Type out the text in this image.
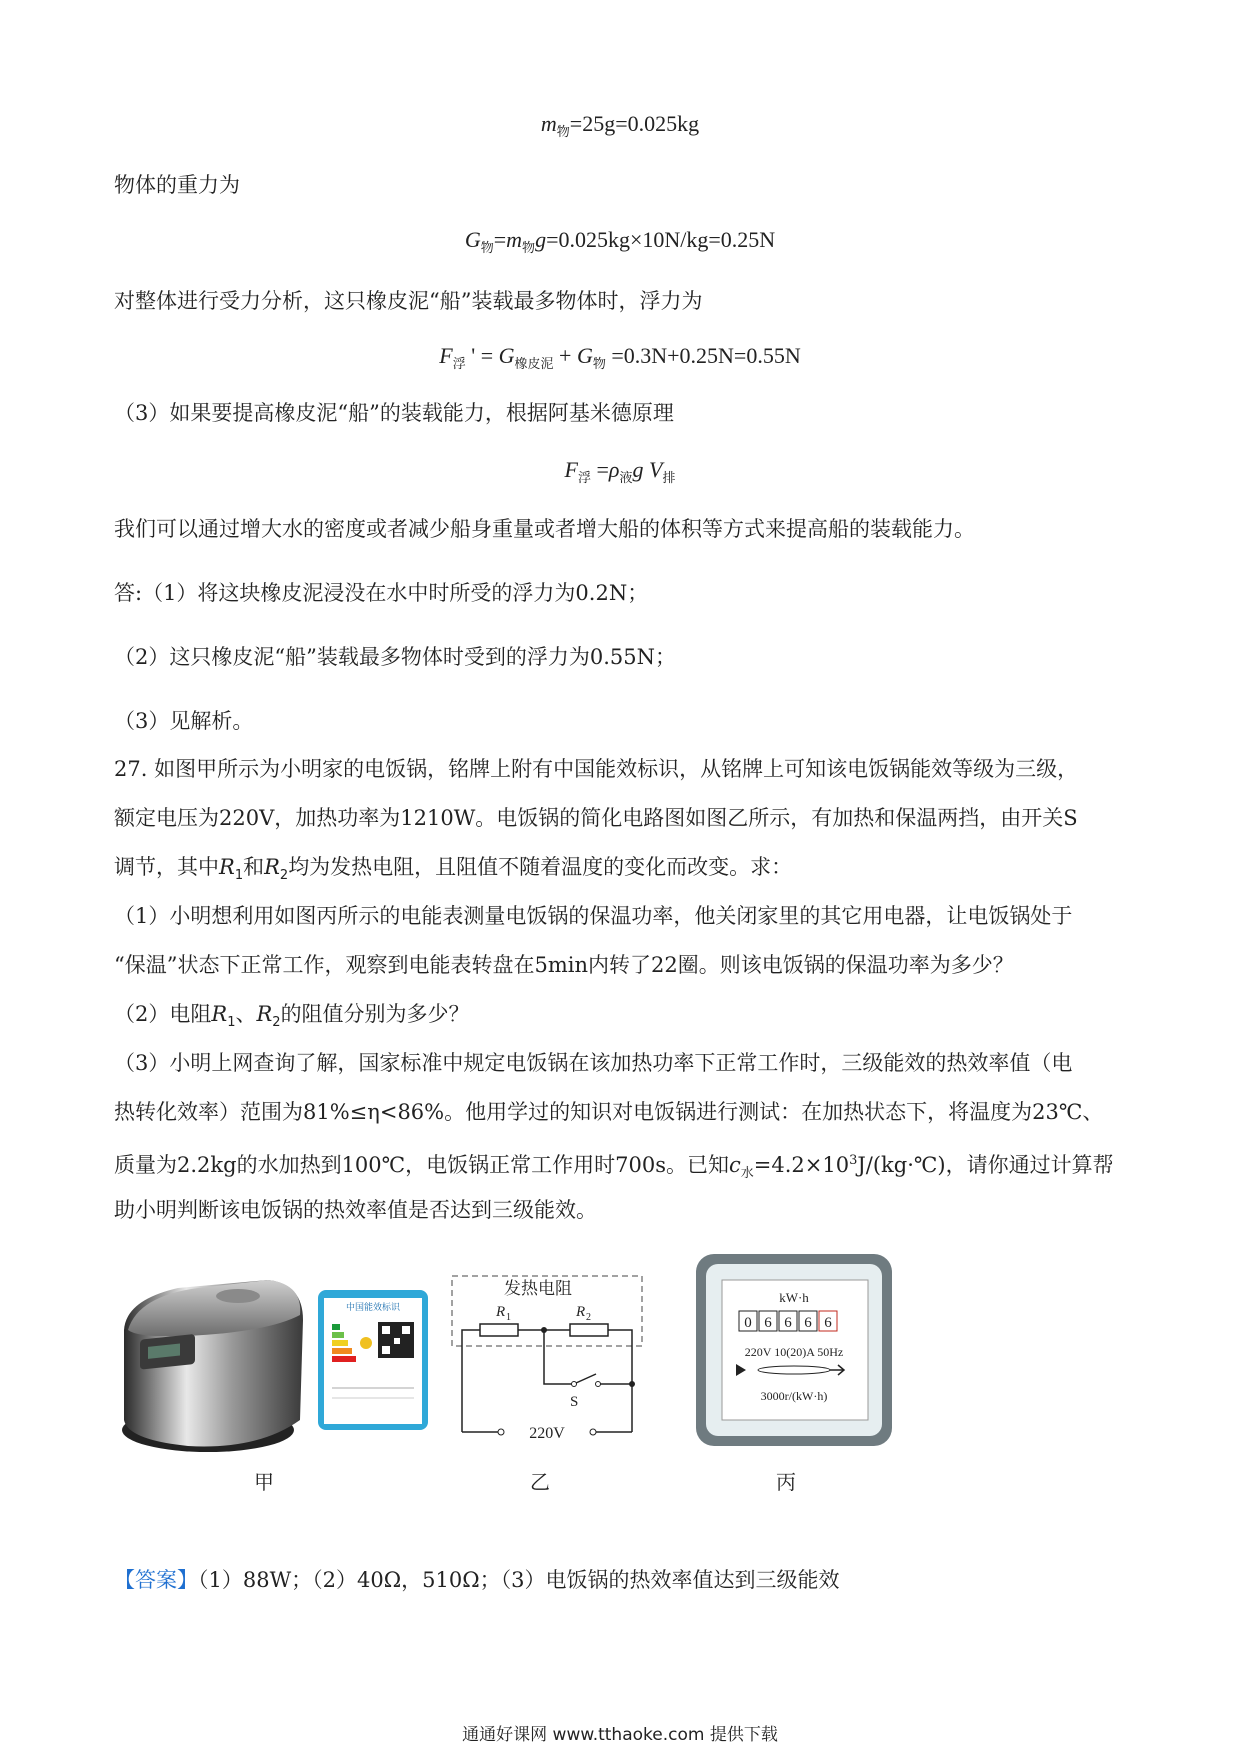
$m_物=25g=0.025kg$
物体的重力为
$G_物=m_物g=0.025kg\times 10N/kg=0.25N$
对整体进行受力分析，这只橡皮泥“船”装载最多物体时，浮力为
$F_浮$ ' = $G_{橡皮泥} + G_物 =0.3N+0.25N=0.55N$
（3）如果要提高橡皮泥“船”的装载能力，根据阿基米德原理
$F_浮 =\rho_液g$ $V_排$
我们可以通过增大水的密度或者减少船身重量或者增大船的体积等方式来提高船的装载能力。
答:（1）将这块橡皮泥浸没在水中时所受的浮力为0.2N；
（2）这只橡皮泥“船”装载最多物体时受到的浮力为0.55N；
（3）见解析。
27. 如图甲所示为小明家的电饭锅，铭牌上附有中国能效标识，从铭牌上可知该电饭锅能效等级为三级，
额定电压为220V，加热功率为1210W。电饭锅的简化电路图如图乙所示，有加热和保温两挡，由开关S
调节，其中$R_1$和$R_2$均为发热电阻，且阻值不随着温度的变化而改变。求：
（1）小明想利用如图丙所示的电能表测量电饭锅的保温功率，他关闭家里的其它用电器，让电饭锅处于
“保温”状态下正常工作，观察到电能表转盘在5min内转了22圈。则该电饭锅的保温功率为多少？
（2）电阻$R_1$、$R_2$的阻值分别为多少？
（3）小明上网查询了解，国家标准中规定电饭锅在该加热功率下正常工作时，三级能效的热效率值（电
热转化效率）范围为81%≤η<86%。他用学过的知识对电饭锅进行测试：在加热状态下，将温度为23℃、
质量为2.2kg的水加热到100℃，电饭锅正常工作用时700s。已知$c_水=4.2\times 10^3J/(kg\cdot℃)$，请你通过计算帮
助小明判断该电饭锅的热效率值是否达到三级能效。
中国能效标识
发热电阻
R 1	R 2
S
220V
kW·h
0 6 6 6 6
220V 10(20)A 50Hz
3000r/(kW·h)
甲	乙	丙
【答案】（1）88W；（2）40Ω，510Ω；（3）电饭锅的热效率值达到三级能效
通通好课网 www.tthaoke.com 提供下载
